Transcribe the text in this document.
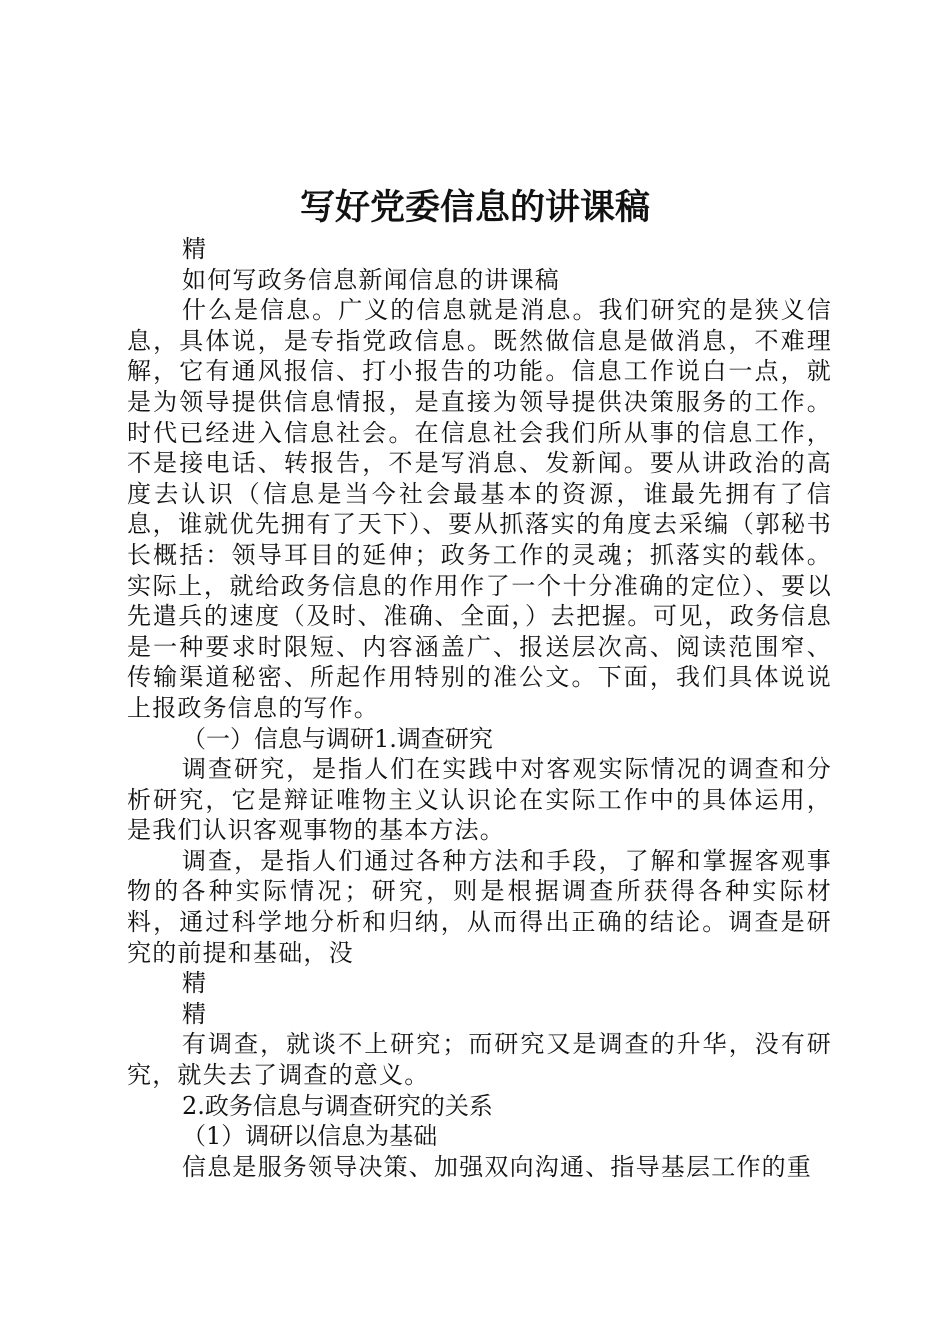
写好党委信息的讲课稿

精

如何写政务信息新闻信息的讲课稿

什么是信息。广义的信息就是消息。我们研究的是狭义信息，具体说，是专指党政信息。既然做信息是做消息，不难理解，它有通风报信、打小报告的功能。信息工作说白一点，就是为领导提供信息情报，是直接为领导提供决策服务的工作。时代已经进入信息社会。在信息社会我们所从事的信息工作，不是接电话、转报告，不是写消息、发新闻。要从讲政治的高度去认识（信息是当今社会最基本的资源，谁最先拥有了信息，谁就优先拥有了天下）、要从抓落实的角度去采编（郭秘书长概括：领导耳目的延伸；政务工作的灵魂；抓落实的载体。实际上，就给政务信息的作用作了一个十分准确的定位）、要以先遣兵的速度（及时、准确、全面，）去把握。可见，政务信息是一种要求时限短、内容涵盖广、报送层次高、阅读范围窄、传输渠道秘密、所起作用特别的准公文。下面，我们具体说说上报政务信息的写作。

（一）信息与调研1.调查研究

调查研究，是指人们在实践中对客观实际情况的调查和分析研究，它是辩证唯物主义认识论在实际工作中的具体运用，是我们认识客观事物的基本方法。

调查，是指人们通过各种方法和手段，了解和掌握客观事物的各种实际情况；研究，则是根据调查所获得各种实际材料，通过科学地分析和归纳，从而得出正确的结论。调查是研究的前提和基础，没

精

精

有调查，就谈不上研究；而研究又是调查的升华，没有研究，就失去了调查的意义。

2.政务信息与调查研究的关系

（1）调研以信息为基础

信息是服务领导决策、加强双向沟通、指导基层工作的重
